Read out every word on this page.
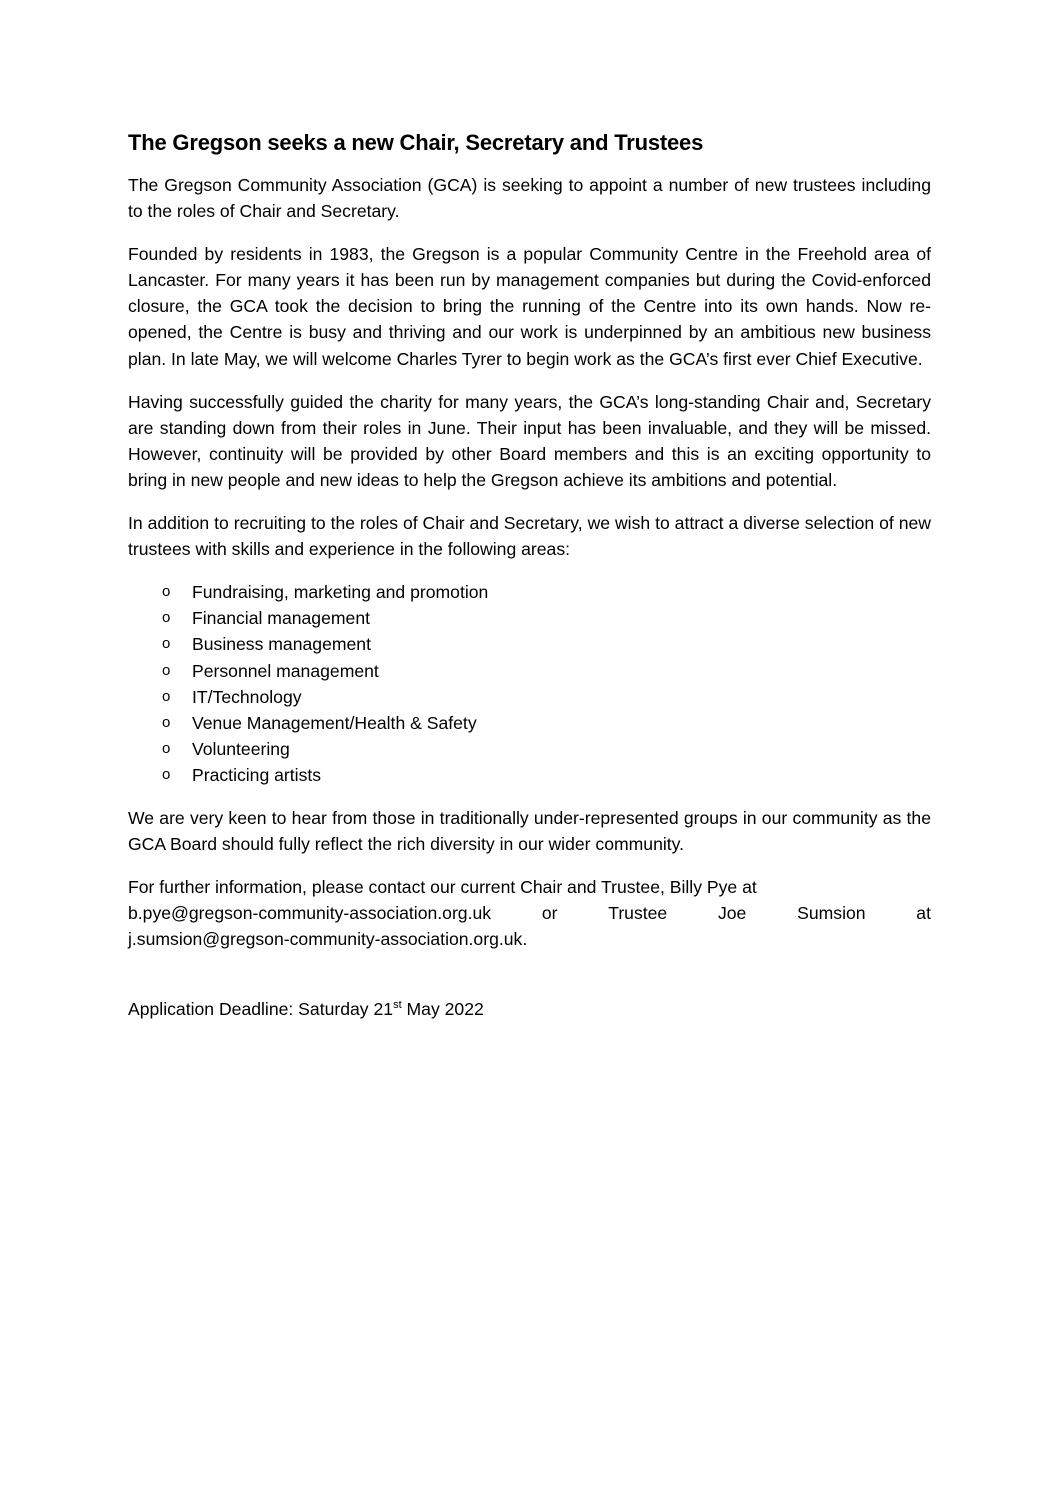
The Gregson seeks a new Chair, Secretary and Trustees

The Gregson Community Association (GCA) is seeking to appoint a number of new trustees including to the roles of Chair and Secretary.

Founded by residents in 1983, the Gregson is a popular Community Centre in the Freehold area of Lancaster. For many years it has been run by management companies but during the Covid-enforced closure, the GCA took the decision to bring the running of the Centre into its own hands. Now re-opened, the Centre is busy and thriving and our work is underpinned by an ambitious new business plan. In late May, we will welcome Charles Tyrer to begin work as the GCA’s first ever Chief Executive.

Having successfully guided the charity for many years, the GCA’s long-standing Chair and, Secretary are standing down from their roles in June. Their input has been invaluable, and they will be missed. However, continuity will be provided by other Board members and this is an exciting opportunity to bring in new people and new ideas to help the Gregson achieve its ambitions and potential.

In addition to recruiting to the roles of Chair and Secretary, we wish to attract a diverse selection of new trustees with skills and experience in the following areas:

o Fundraising, marketing and promotion
o Financial management
o Business management
o Personnel management
o IT/Technology
o Venue Management/Health & Safety
o Volunteering
o Practicing artists

We are very keen to hear from those in traditionally under-represented groups in our community as the GCA Board should fully reflect the rich diversity in our wider community.

For further information, please contact our current Chair and Trustee, Billy Pye at
b.pye@gregson-community-association.org.uk	or	Trustee	Joe	Sumsion	at
j.sumsion@gregson-community-association.org.uk.
Application Deadline: Saturday 21st May 2022
